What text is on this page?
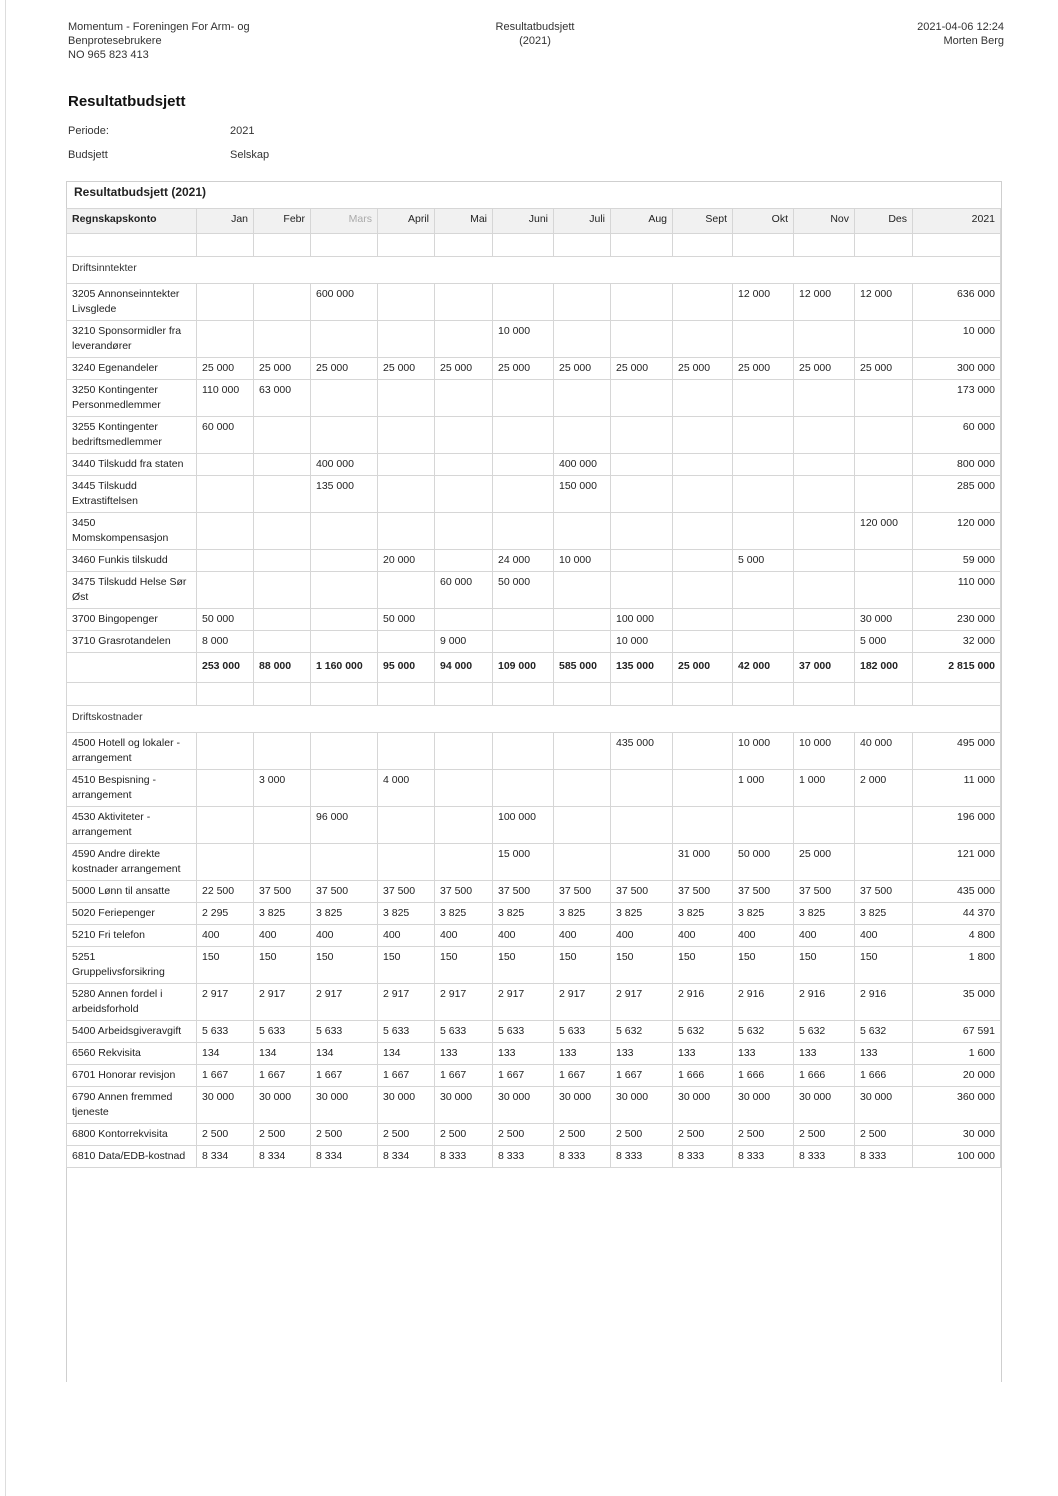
Momentum - Foreningen For Arm- og
Benprotesebrukere
NO 965 823 413
Resultatbudsjett
(2021)
2021-04-06 12:24
Morten Berg
Resultatbudsjett
Periode:	2021
Budsjett	Selskap
Resultatbudsjett (2021)
Regnskapskonto	Jan	Febr	Mars	April	Mai	Juni	Juli	Aug	Sept	Okt	Nov	Des	2021

Driftsinntekter													
3205 Annonseinntekter Livsglede			600 000							12 000	12 000	12 000	636 000
3210 Sponsormidler fra leverandører						10 000							10 000
3240 Egenandeler	25 000	25 000	25 000	25 000	25 000	25 000	25 000	25 000	25 000	25 000	25 000	25 000	300 000
3250 Kontingenter Personmedlemmer	110 000	63 000											173 000
3255 Kontingenter bedriftsmedlemmer	60 000												60 000
3440 Tilskudd fra staten			400 000				400 000						800 000
3445 Tilskudd Extrastiftelsen			135 000				150 000						285 000
3450 Momskompensasjon												120 000	120 000
3460 Funkis tilskudd				20 000		24 000	10 000			5 000			59 000
3475 Tilskudd Helse Sør Øst					60 000	50 000							110 000
3700 Bingopenger	50 000			50 000				100 000				30 000	230 000
3710 Grasrotandelen	8 000				9 000			10 000				5 000	32 000
	253 000	88 000	1 160 000	95 000	94 000	109 000	585 000	135 000	25 000	42 000	37 000	182 000	2 815 000

Driftskostnader													
4500 Hotell og lokaler - arrangement								435 000		10 000	10 000	40 000	495 000
4510 Bespisning - arrangement		3 000		4 000						1 000	1 000	2 000	11 000
4530 Aktiviteter - arrangement			96 000			100 000							196 000
4590 Andre direkte kostnader arrangement						15 000			31 000	50 000	25 000		121 000
5000 Lønn til ansatte	22 500	37 500	37 500	37 500	37 500	37 500	37 500	37 500	37 500	37 500	37 500	37 500	435 000
5020 Feriepenger	2 295	3 825	3 825	3 825	3 825	3 825	3 825	3 825	3 825	3 825	3 825	3 825	44 370
5210 Fri telefon	400	400	400	400	400	400	400	400	400	400	400	400	4 800
5251 Gruppelivsforsikring	150	150	150	150	150	150	150	150	150	150	150	150	1 800
5280 Annen fordel i arbeidsforhold	2 917	2 917	2 917	2 917	2 917	2 917	2 917	2 917	2 916	2 916	2 916	2 916	35 000
5400 Arbeidsgiveravgift	5 633	5 633	5 633	5 633	5 633	5 633	5 633	5 632	5 632	5 632	5 632	5 632	67 591
6560 Rekvisita	134	134	134	134	133	133	133	133	133	133	133	133	1 600
6701 Honorar revisjon	1 667	1 667	1 667	1 667	1 667	1 667	1 667	1 667	1 666	1 666	1 666	1 666	20 000
6790 Annen fremmed tjeneste	30 000	30 000	30 000	30 000	30 000	30 000	30 000	30 000	30 000	30 000	30 000	30 000	360 000
6800 Kontorrekvisita	2 500	2 500	2 500	2 500	2 500	2 500	2 500	2 500	2 500	2 500	2 500	2 500	30 000
6810 Data/EDB-kostnad	8 334	8 334	8 334	8 334	8 333	8 333	8 333	8 333	8 333	8 333	8 333	8 333	100 000
